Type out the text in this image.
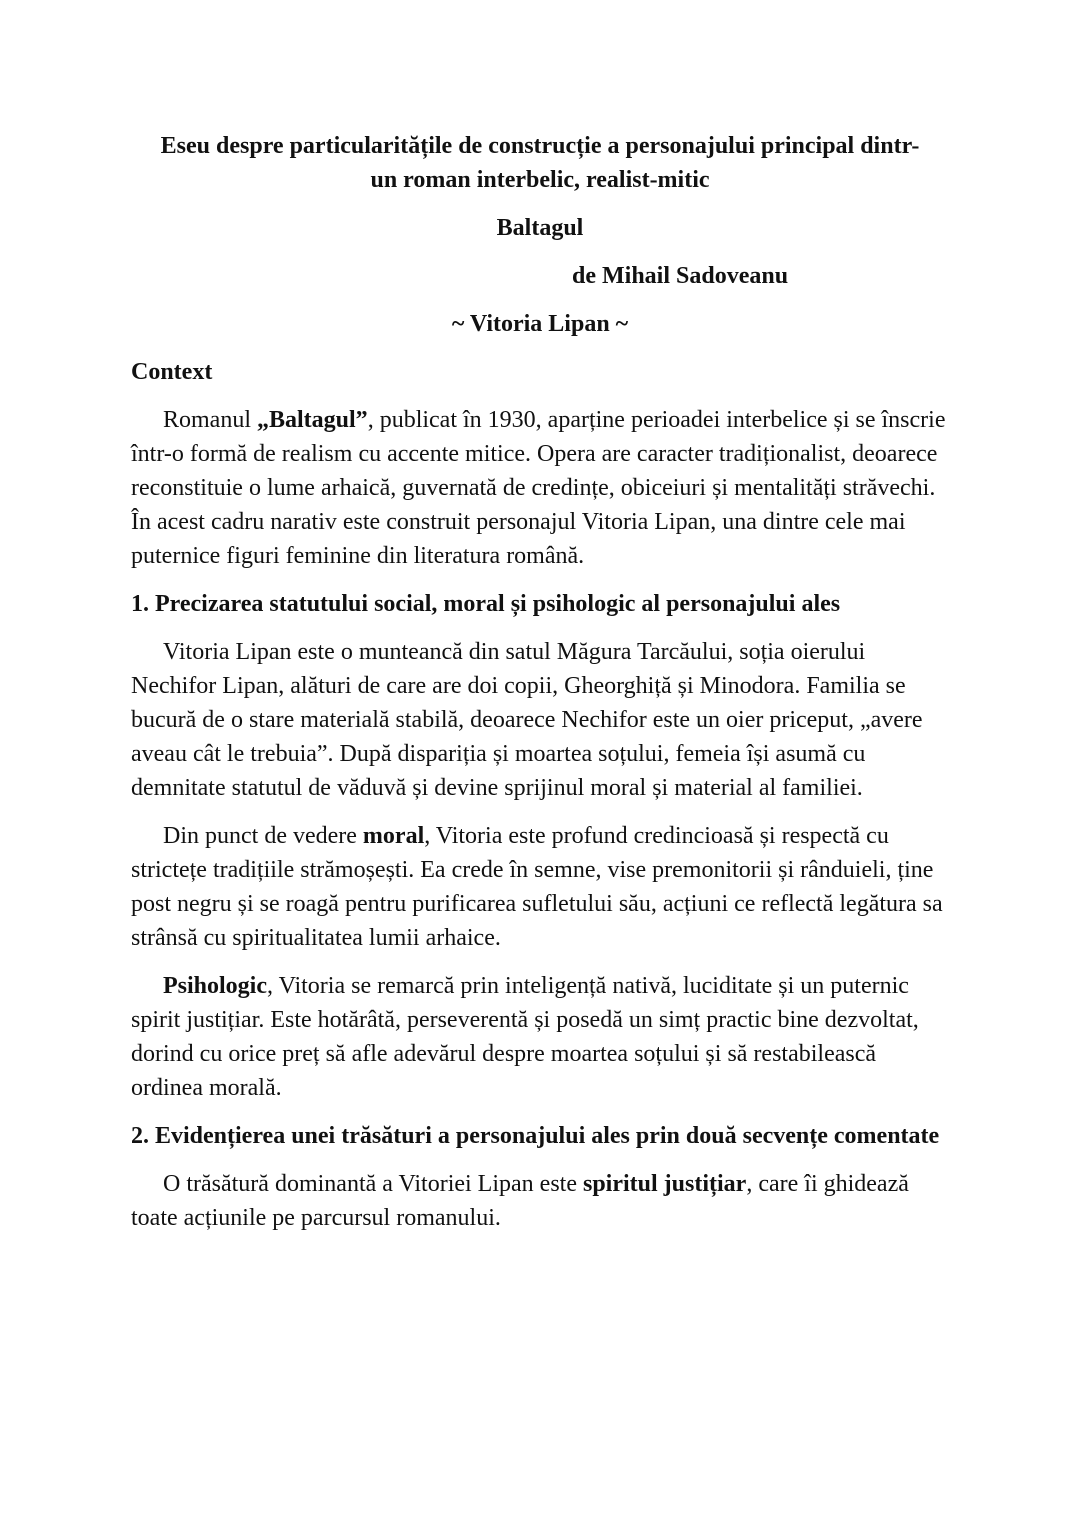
Eseu despre particularitățile de construcție a personajului principal dintr-
un roman interbelic, realist-mitic

Baltagul

de Mihail Sadoveanu

~ Vitoria Lipan ~

Context

Romanul „Baltagul”, publicat în 1930, aparține perioadei interbelice și se înscrie într-o formă de realism cu accente mitice. Opera are caracter tradiționalist, deoarece reconstituie o lume arhaică, guvernată de credințe, obiceiuri și mentalități străvechi. În acest cadru narativ este construit personajul Vitoria Lipan, una dintre cele mai puternice figuri feminine din literatura română.

1. Precizarea statutului social, moral și psihologic al personajului ales

Vitoria Lipan este o munteancă din satul Măgura Tarcăului, soția oierului Nechifor Lipan, alături de care are doi copii, Gheorghiță și Minodora. Familia se bucură de o stare materială stabilă, deoarece Nechifor este un oier priceput, „avere aveau cât le trebuia”. După dispariția și moartea soțului, femeia își asumă cu demnitate statutul de văduvă și devine sprijinul moral și material al familiei.

Din punct de vedere moral, Vitoria este profund credincioasă și respectă cu strictețe tradițiile strămoșești. Ea crede în semne, vise premonitorii și rânduieli, ține post negru și se roagă pentru purificarea sufletului său, acțiuni ce reflectă legătura sa strânsă cu spiritualitatea lumii arhaice.

Psihologic, Vitoria se remarcă prin inteligență nativă, luciditate și un puternic spirit justițiar. Este hotărâtă, perseverentă și posedă un simț practic bine dezvoltat, dorind cu orice preț să afle adevărul despre moartea soțului și să restabilească ordinea morală.

2. Evidențierea unei trăsături a personajului ales prin două secvențe comentate

O trăsătură dominantă a Vitoriei Lipan este spiritul justițiar, care îi ghidează toate acțiunile pe parcursul romanului.
